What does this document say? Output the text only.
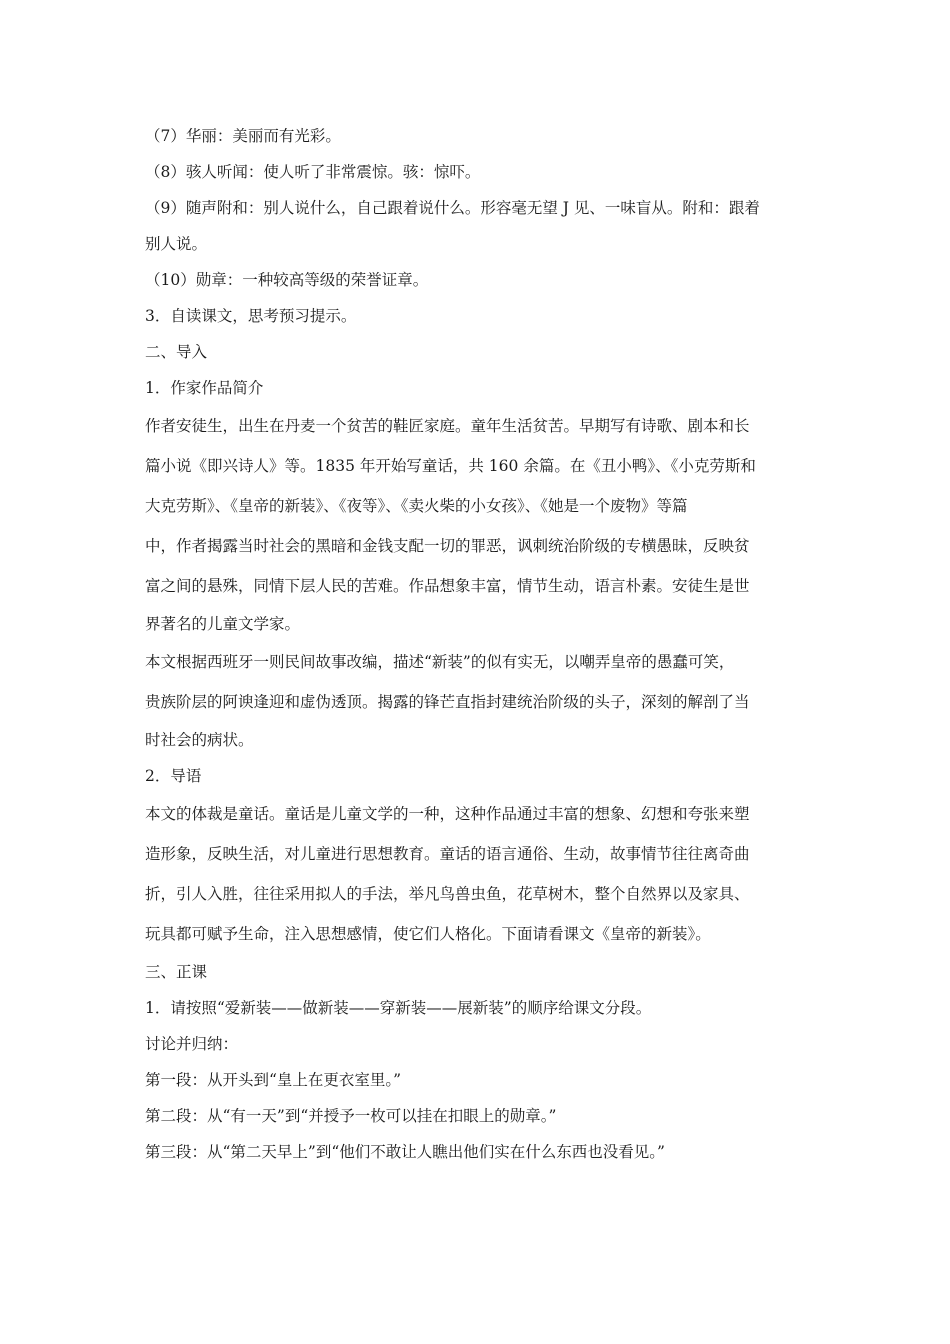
（7）华丽：美丽而有光彩。
（8）骇人听闻：使人听了非常震惊。骇：惊吓。
（9）随声附和：别人说什么，自己跟着说什么。形容毫无望 J 见、一味盲从。附和：跟着
别人说。
（10）勋章：一种较高等级的荣誉证章。
3．自读课文，思考预习提示。
二、导入
1．作家作品简介
作者安徒生，出生在丹麦一个贫苦的鞋匠家庭。童年生活贫苦。早期写有诗歌、剧本和长
篇小说《即兴诗人》等。1835 年开始写童话，共 160 余篇。在《丑小鸭》、《小克劳斯和
大克劳斯》、《皇帝的新装》、《夜等》、《卖火柴的小女孩》、《她是一个废物》等篇
中，作者揭露当时社会的黑暗和金钱支配一切的罪恶，讽刺统治阶级的专横愚昧，反映贫
富之间的悬殊，同情下层人民的苦难。作品想象丰富，情节生动，语言朴素。安徒生是世
界著名的儿童文学家。
本文根据西班牙一则民间故事改编，描述“新装”的似有实无，以嘲弄皇帝的愚蠢可笑，
贵族阶层的阿谀逢迎和虚伪透顶。揭露的锋芒直指封建统治阶级的头子，深刻的解剖了当
时社会的病状。
2．导语
本文的体裁是童话。童话是儿童文学的一种，这种作品通过丰富的想象、幻想和夸张来塑
造形象，反映生活，对儿童进行思想教育。童话的语言通俗、生动，故事情节往往离奇曲
折，引人入胜，往往采用拟人的手法，举凡鸟兽虫鱼，花草树木，整个自然界以及家具、
玩具都可赋予生命，注入思想感情，使它们人格化。下面请看课文《皇帝的新装》。
三、正课
1．请按照“爱新装——做新装——穿新装——展新装”的顺序给课文分段。
讨论并归纳：
第一段：从开头到“皇上在更衣室里。”
第二段：从“有一天”到“并授予一枚可以挂在扣眼上的勋章。”
第三段：从“第二天早上”到“他们不敢让人瞧出他们实在什么东西也没看见。”
